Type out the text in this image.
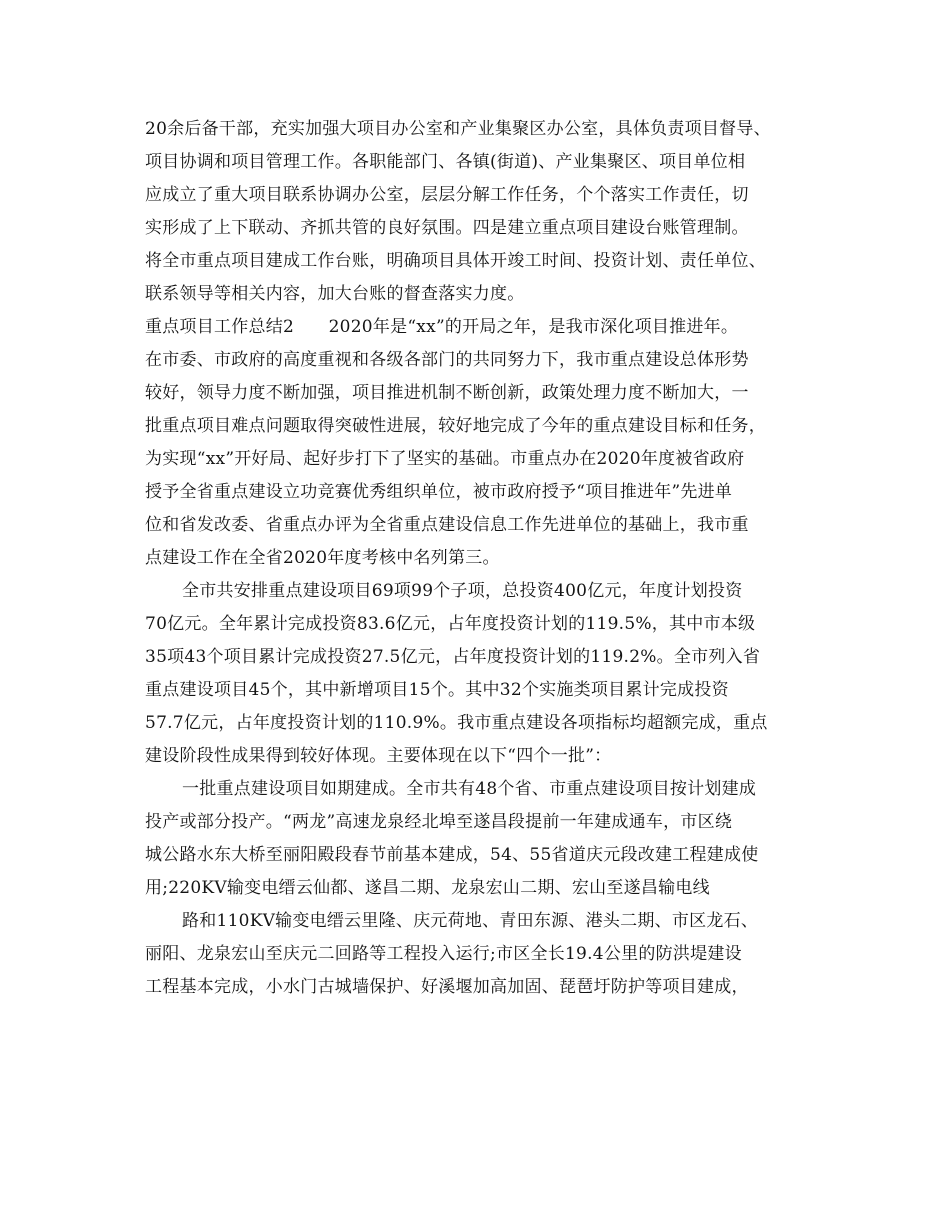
20余后备干部，充实加强大项目办公室和产业集聚区办公室，具体负责项目督导、
项目协调和项目管理工作。各职能部门、各镇(街道)、产业集聚区、项目单位相
应成立了重大项目联系协调办公室，层层分解工作任务，个个落实工作责任，切
实形成了上下联动、齐抓共管的良好氛围。四是建立重点项目建设台账管理制。
将全市重点项目建成工作台账，明确项目具体开竣工时间、投资计划、责任单位、
联系领导等相关内容，加大台账的督查落实力度。
重点项目工作总结2　　2020年是“xx”的开局之年，是我市深化项目推进年。
在市委、市政府的高度重视和各级各部门的共同努力下，我市重点建设总体形势
较好，领导力度不断加强，项目推进机制不断创新，政策处理力度不断加大，一
批重点项目难点问题取得突破性进展，较好地完成了今年的重点建设目标和任务，
为实现“xx”开好局、起好步打下了坚实的基础。市重点办在2020年度被省政府
授予全省重点建设立功竞赛优秀组织单位，被市政府授予“项目推进年”先进单
位和省发改委、省重点办评为全省重点建设信息工作先进单位的基础上，我市重
点建设工作在全省2020年度考核中名列第三。
全市共安排重点建设项目69项99个子项，总投资400亿元，年度计划投资
70亿元。全年累计完成投资83.6亿元，占年度投资计划的119.5%，其中市本级
35项43个项目累计完成投资27.5亿元，占年度投资计划的119.2%。全市列入省
重点建设项目45个，其中新增项目15个。其中32个实施类项目累计完成投资
57.7亿元，占年度投资计划的110.9%。我市重点建设各项指标均超额完成，重点
建设阶段性成果得到较好体现。主要体现在以下“四个一批”：
一批重点建设项目如期建成。全市共有48个省、市重点建设项目按计划建成
投产或部分投产。“两龙”高速龙泉经北埠至遂昌段提前一年建成通车，市区绕
城公路水东大桥至丽阳殿段春节前基本建成，54、55省道庆元段改建工程建成使
用;220KV输变电缙云仙都、遂昌二期、龙泉宏山二期、宏山至遂昌输电线
路和110KV输变电缙云里隆、庆元荷地、青田东源、港头二期、市区龙石、
丽阳、龙泉宏山至庆元二回路等工程投入运行;市区全长19.4公里的防洪堤建设
工程基本完成，小水门古城墙保护、好溪堰加高加固、琵琶圩防护等项目建成，
